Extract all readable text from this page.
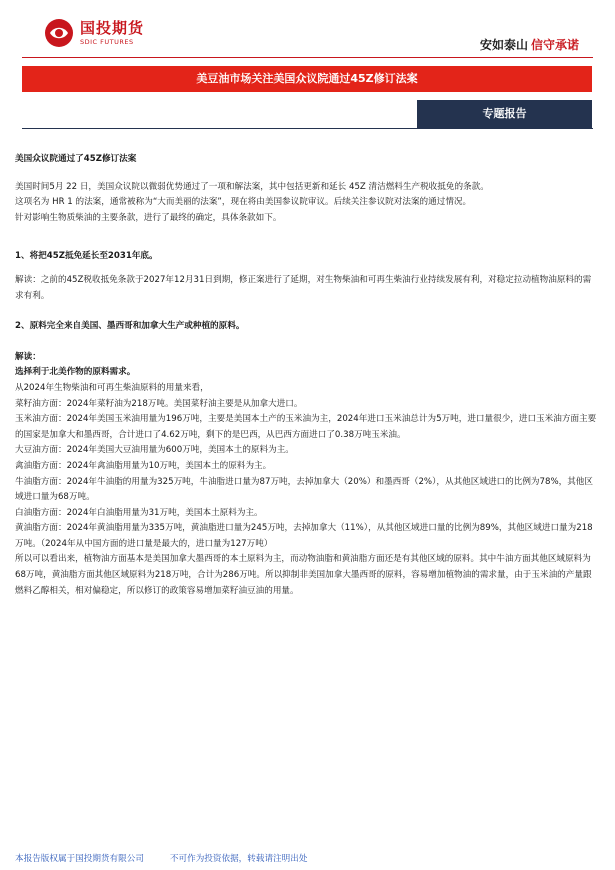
国投期货
SDIC FUTURES	安如泰山 信守承诺
美豆油市场关注美国众议院通过45Z修订法案
专题报告

美国众议院通过了45Z修订法案

美国时间5月 22 日，美国众议院以微弱优势通过了一项和解法案，其中包括更新和延长 45Z 清洁燃料生产税收抵免的条款。

这项名为 HR 1 的法案，通常被称为“大而美丽的法案”，现在将由美国参议院审议。后续关注参议院对法案的通过情况。

针对影响生物质柴油的主要条款，进行了最终的确定，具体条款如下。

1、将把45Z抵免延长至2031年底。

解读：之前的45Z税收抵免条款于2027年12月31日到期，修正案进行了延期，对生物柴油和可再生柴油行业持续发展有利，对稳定拉动植物油原料的需求有利。

2、原料完全来自美国、墨西哥和加拿大生产或种植的原料。

解读：

选择利于北美作物的原料需求。

从2024年生物柴油和可再生柴油原料的用量来看，

菜籽油方面：2024年菜籽油为218万吨。美国菜籽油主要是从加拿大进口。

玉米油方面：2024年美国玉米油用量为196万吨，主要是美国本土产的玉米油为主，2024年进口玉米油总计为5万吨，进口量很少，进口玉米油方面主要的国家是加拿大和墨西哥，合计进口了4.62万吨，剩下的是巴西，从巴西方面进口了0.38万吨玉米油。

大豆油方面：2024年美国大豆油用量为600万吨，美国本土的原料为主。

禽油脂方面：2024年禽油脂用量为10万吨，美国本土的原料为主。

牛油脂方面：2024年牛油脂的用量为325万吨，牛油脂进口量为87万吨，去掉加拿大（20%）和墨西哥（2%），从其他区域进口的比例为78%，其他区域进口量为68万吨。

白油脂方面：2024年白油脂用量为31万吨，美国本土原料为主。

黄油脂方面：2024年黄油脂用量为335万吨，黄油脂进口量为245万吨，去掉加拿大（11%），从其他区域进口量的比例为89%，其他区域进口量为218万吨。（2024年从中国方面的进口量是最大的，进口量为127万吨）

所以可以看出来，植物油方面基本是美国加拿大墨西哥的本土原料为主，而动物油脂和黄油脂方面还是有其他区域的原料。其中牛油方面其他区域原料为68万吨，黄油脂方面其他区域原料为218万吨，合计为286万吨。所以抑制非美国加拿大墨西哥的原料，容易增加植物油的需求量，由于玉米油的产量跟燃料乙醇相关，相对偏稳定，所以修订的政策容易增加菜籽油豆油的用量。

本报告版权属于国投期货有限公司	不可作为投资依据，转载请注明出处
